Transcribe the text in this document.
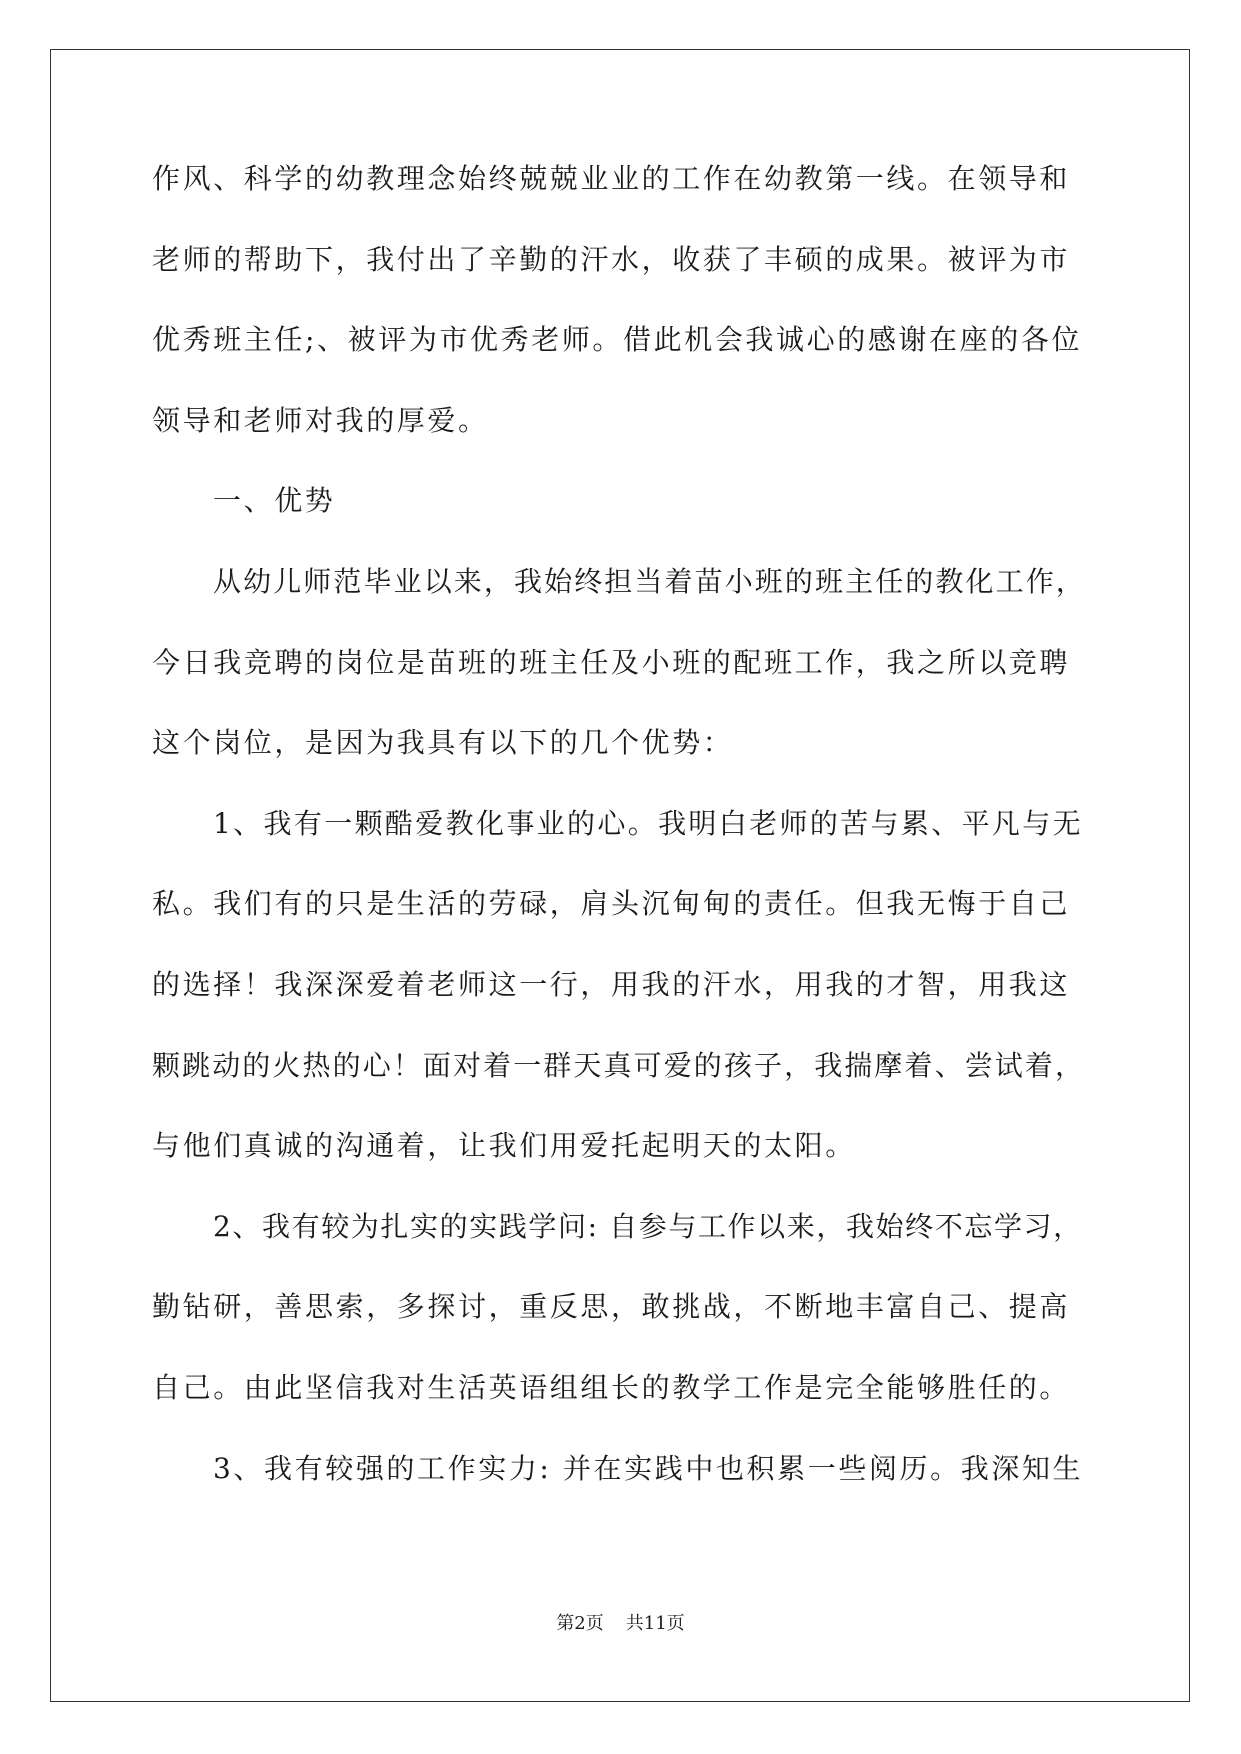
作风、科学的幼教理念始终兢兢业业的工作在幼教第一线。在领导和
老师的帮助下，我付出了辛勤的汗水，收获了丰硕的成果。被评为市
优秀班主任;、被评为市优秀老师。借此机会我诚心的感谢在座的各位
领导和老师对我的厚爱。
一、优势
从幼儿师范毕业以来，我始终担当着苗小班的班主任的教化工作，
今日我竞聘的岗位是苗班的班主任及小班的配班工作，我之所以竞聘
这个岗位，是因为我具有以下的几个优势：
1、我有一颗酷爱教化事业的心。我明白老师的苦与累、平凡与无
私。我们有的只是生活的劳碌，肩头沉甸甸的责任。但我无悔于自己
的选择！我深深爱着老师这一行，用我的汗水，用我的才智，用我这
颗跳动的火热的心！面对着一群天真可爱的孩子，我揣摩着、尝试着，
与他们真诚的沟通着，让我们用爱托起明天的太阳。
2、我有较为扎实的实践学问: 自参与工作以来，我始终不忘学习，
勤钻研，善思索，多探讨，重反思，敢挑战，不断地丰富自己、提高
自己。由此坚信我对生活英语组组长的教学工作是完全能够胜任的。
3、我有较强的工作实力: 并在实践中也积累一些阅历。我深知生
第2页 共11页
